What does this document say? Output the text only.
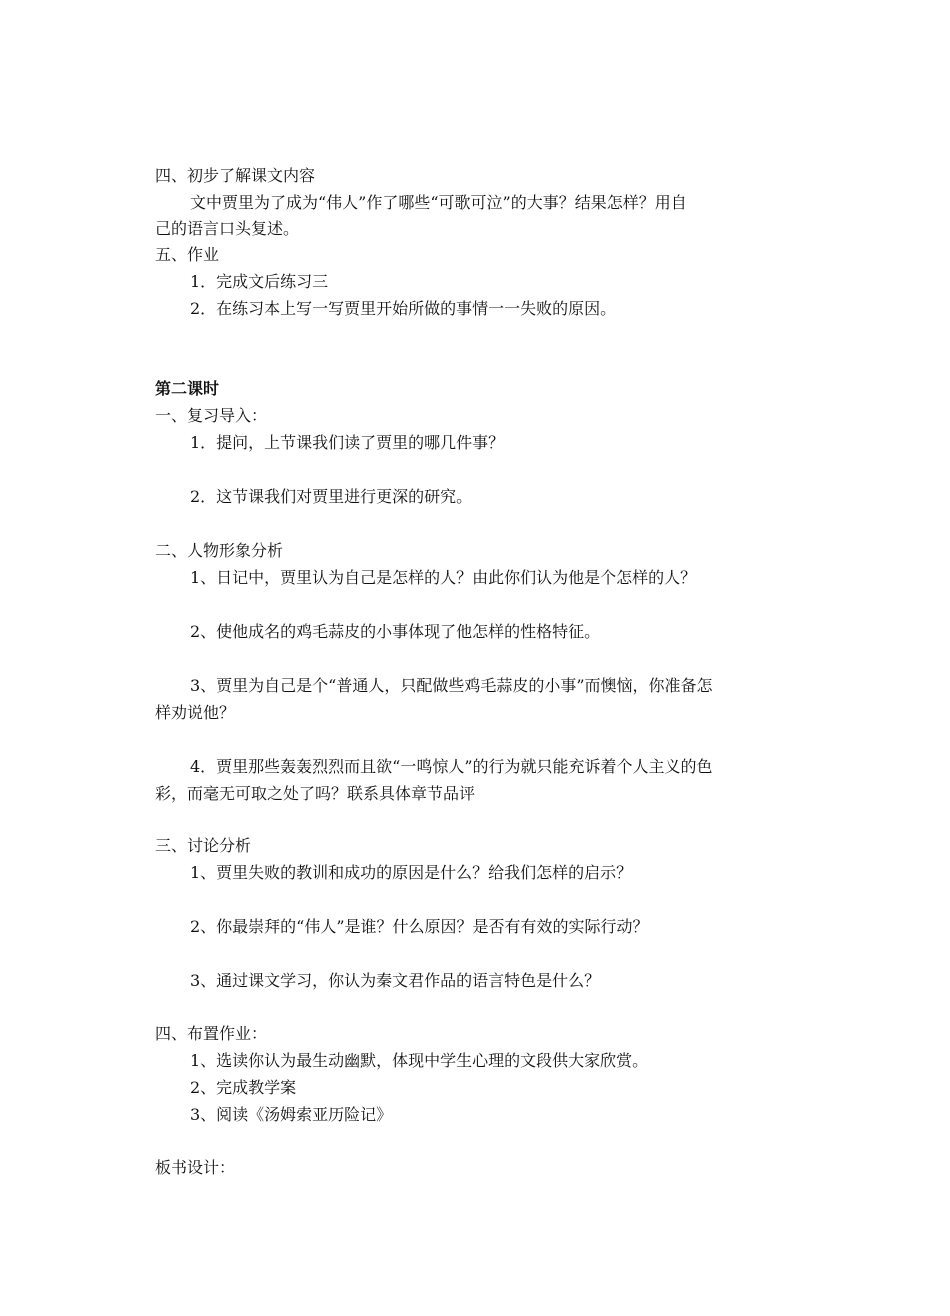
四、初步了解课文内容
文中贾里为了成为“伟人”作了哪些“可歌可泣”的大事？结果怎样？用自
己的语言口头复述。
五、作业
1．完成文后练习三
2．在练习本上写一写贾里开始所做的事情一一失败的原因。
第二课时
一、复习导入：
1．提问，上节课我们读了贾里的哪几件事？
2．这节课我们对贾里进行更深的研究。
二、人物形象分析
1、日记中，贾里认为自己是怎样的人？由此你们认为他是个怎样的人？
2、使他成名的鸡毛蒜皮的小事体现了他怎样的性格特征。
3、贾里为自己是个“普通人，只配做些鸡毛蒜皮的小事”而懊恼，你准备怎
样劝说他？
4．贾里那些轰轰烈烈而且欲“一鸣惊人”的行为就只能充诉着个人主义的色
彩，而毫无可取之处了吗？联系具体章节品评
三、讨论分析
1、贾里失败的教训和成功的原因是什么？给我们怎样的启示？
2、你最崇拜的“伟人”是谁？什么原因？是否有有效的实际行动？
3、通过课文学习，你认为秦文君作品的语言特色是什么？
四、布置作业：
1、选读你认为最生动幽默，体现中学生心理的文段供大家欣赏。
2、完成教学案
3、阅读《汤姆索亚历险记》
板书设计：
